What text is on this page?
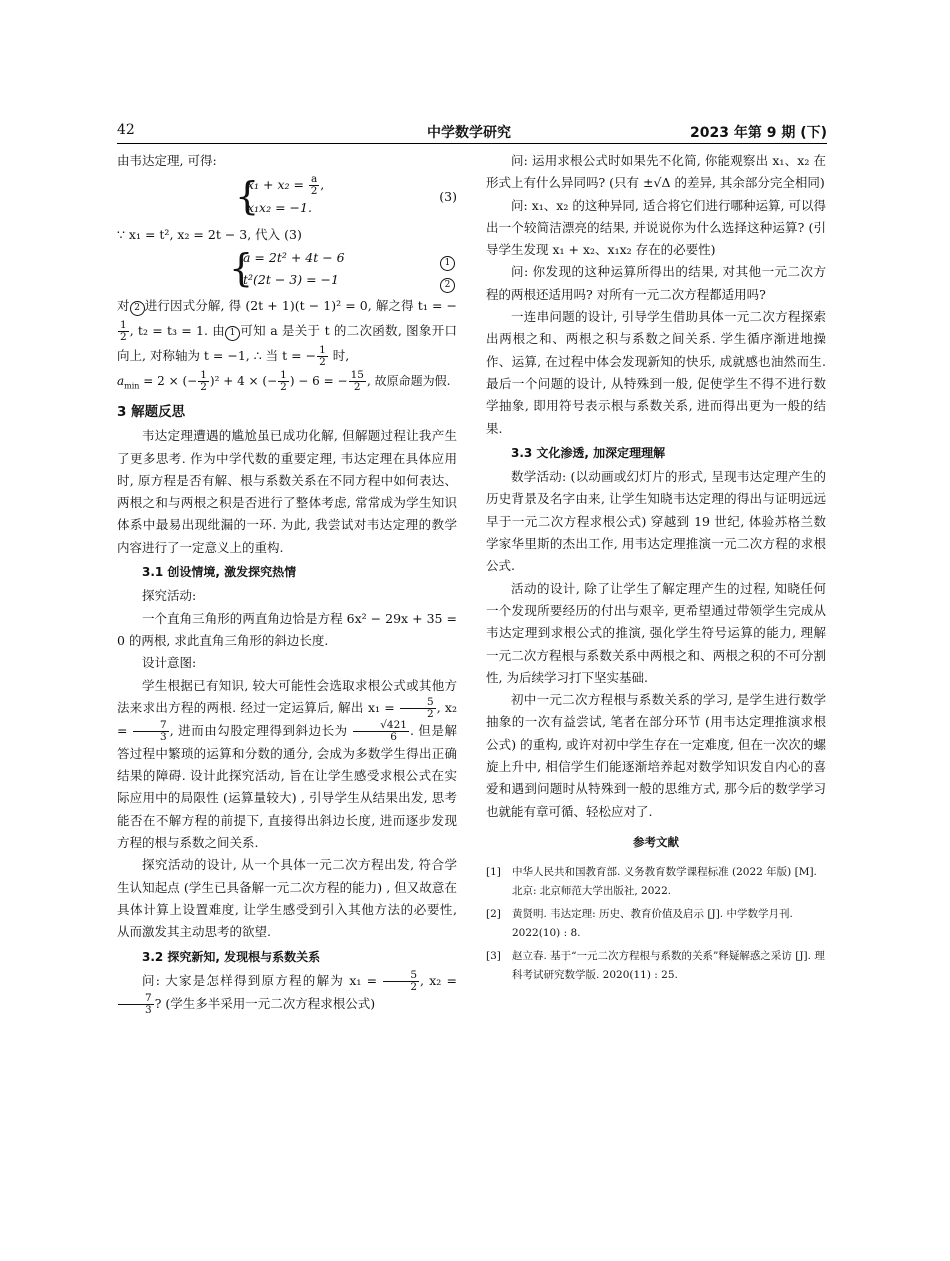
42	中学数学研究	2023 年第 9 期 (下)

由韦达定理, 可得:

{
$x_1 + x_2 = \frac{a}{2}$ ,
x₁x₂ = −1.
(3)

∵ x₁ = t², x₂ = 2t − 3, 代入 (3)

{
a = 2t² + 4t − 6
t²(2t − 3) = −1
1
2

对 2 进行因式分解, 得 (2t + 1)(t − 1)² = 0, 解之得 t₁ = −
$\frac{1}{2}$ , t₂ = t₃ = 1. 由 1 可知 a 是关于 t 的二次函数, 图象开口向上, 对称轴为 t = −1, ∴ 当 t = − $\frac{1}{2}$ 时,

$a_{min} = 2$ × (− $\frac{1}{2} )^2 + 4$ × (− $\frac{1}{2}$ ) − 6 = − $\frac{15}{2}$ , 故原命题为假.

3 解题反思

韦达定理遭遇的尴尬虽已成功化解, 但解题过程让我产生了更多思考. 作为中学代数的重要定理, 韦达定理在具体应用时, 原方程是否有解、根与系数关系在不同方程中如何表达、两根之和与两根之积是否进行了整体考虑, 常常成为学生知识体系中最易出现纰漏的一环. 为此, 我尝试对韦达定理的教学内容进行了一定意义上的重构.

3.1 创设情境, 激发探究热情

探究活动:

一个直角三角形的两直角边恰是方程 6x² − 29x + 35 = 0 的两根, 求此直角三角形的斜边长度.

设计意图:

学生根据已有知识, 较大可能性会选取求根公式或其他方法来求出方程的两根. 经过一定运算后, 解出 $x_1 = \frac{5}{2}$ , $x_2 = \frac{7}{3}$ , 进而由勾股定理得到斜边长为 $\frac{√421}{6}$ . 但是解答过程中繁琐的运算和分数的通分, 会成为多数学生得出正确结果的障碍. 设计此探究活动, 旨在让学生感受求根公式在实际应用中的局限性 (运算量较大) , 引导学生从结果出发, 思考能否在不解方程的前提下, 直接得出斜边长度, 进而逐步发现方程的根与系数之间关系.

探究活动的设计, 从一个具体一元二次方程出发, 符合学生认知起点 (学生已具备解一元二次方程的能力) , 但又故意在具体计算上设置难度, 让学生感受到引入其他方法的必要性, 从而激发其主动思考的欲望.

3.2 探究新知, 发现根与系数关系

问: 大家是怎样得到原方程的解为 $x_1 = \frac{5}{2}$ , x₂ =
$\frac{7}{3}$ ? (学生多半采用一元二次方程求根公式)

问: 运用求根公式时如果先不化简, 你能观察出 x₁、x₂ 在形式上有什么异同吗? (只有 ±√Δ 的差异, 其余部分完全相同)

问: x₁、x₂ 的这种异同, 适合将它们进行哪种运算, 可以得出一个较简洁漂亮的结果, 并说说你为什么选择这种运算? (引导学生发现 x₁ + x₂、x₁x₂ 存在的必要性)

问: 你发现的这种运算所得出的结果, 对其他一元二次方程的两根还适用吗? 对所有一元二次方程都适用吗?

一连串问题的设计, 引导学生借助具体一元二次方程探索出两根之和、两根之积与系数之间关系. 学生循序渐进地操作、运算, 在过程中体会发现新知的快乐, 成就感也油然而生. 最后一个问题的设计, 从特殊到一般, 促使学生不得不进行数学抽象, 即用符号表示根与系数关系, 进而得出更为一般的结果.

3.3 文化渗透, 加深定理理解

数学活动: (以动画或幻灯片的形式, 呈现韦达定理产生的历史背景及名字由来, 让学生知晓韦达定理的得出与证明远远早于一元二次方程求根公式) 穿越到 19 世纪, 体验苏格兰数学家华里斯的杰出工作, 用韦达定理推演一元二次方程的求根公式.

活动的设计, 除了让学生了解定理产生的过程, 知晓任何一个发现所要经历的付出与艰辛, 更希望通过带领学生完成从韦达定理到求根公式的推演, 强化学生符号运算的能力, 理解一元二次方程根与系数关系中两根之和、两根之积的不可分割性, 为后续学习打下坚实基础.

初中一元二次方程根与系数关系的学习, 是学生进行数学抽象的一次有益尝试, 笔者在部分环节 (用韦达定理推演求根公式) 的重构, 或许对初中学生存在一定难度, 但在一次次的螺旋上升中, 相信学生们能逐渐培养起对数学知识发自内心的喜爱和遇到问题时从特殊到一般的思维方式, 那今后的数学学习也就能有章可循、轻松应对了.

参考文献
[1] 中华人民共和国教育部. 义务教育数学课程标准 (2022 年版) [M]. 北京: 北京师范大学出版社, 2022.
[2] 黄贤明. 韦达定理: 历史、教育价值及启示 [J]. 中学数学月刊. 2022(10) : 8.
[3] 赵立春. 基于“一元二次方程根与系数的关系”释疑解惑之采访 [J]. 理科考试研究数学版. 2020(11) : 25.
